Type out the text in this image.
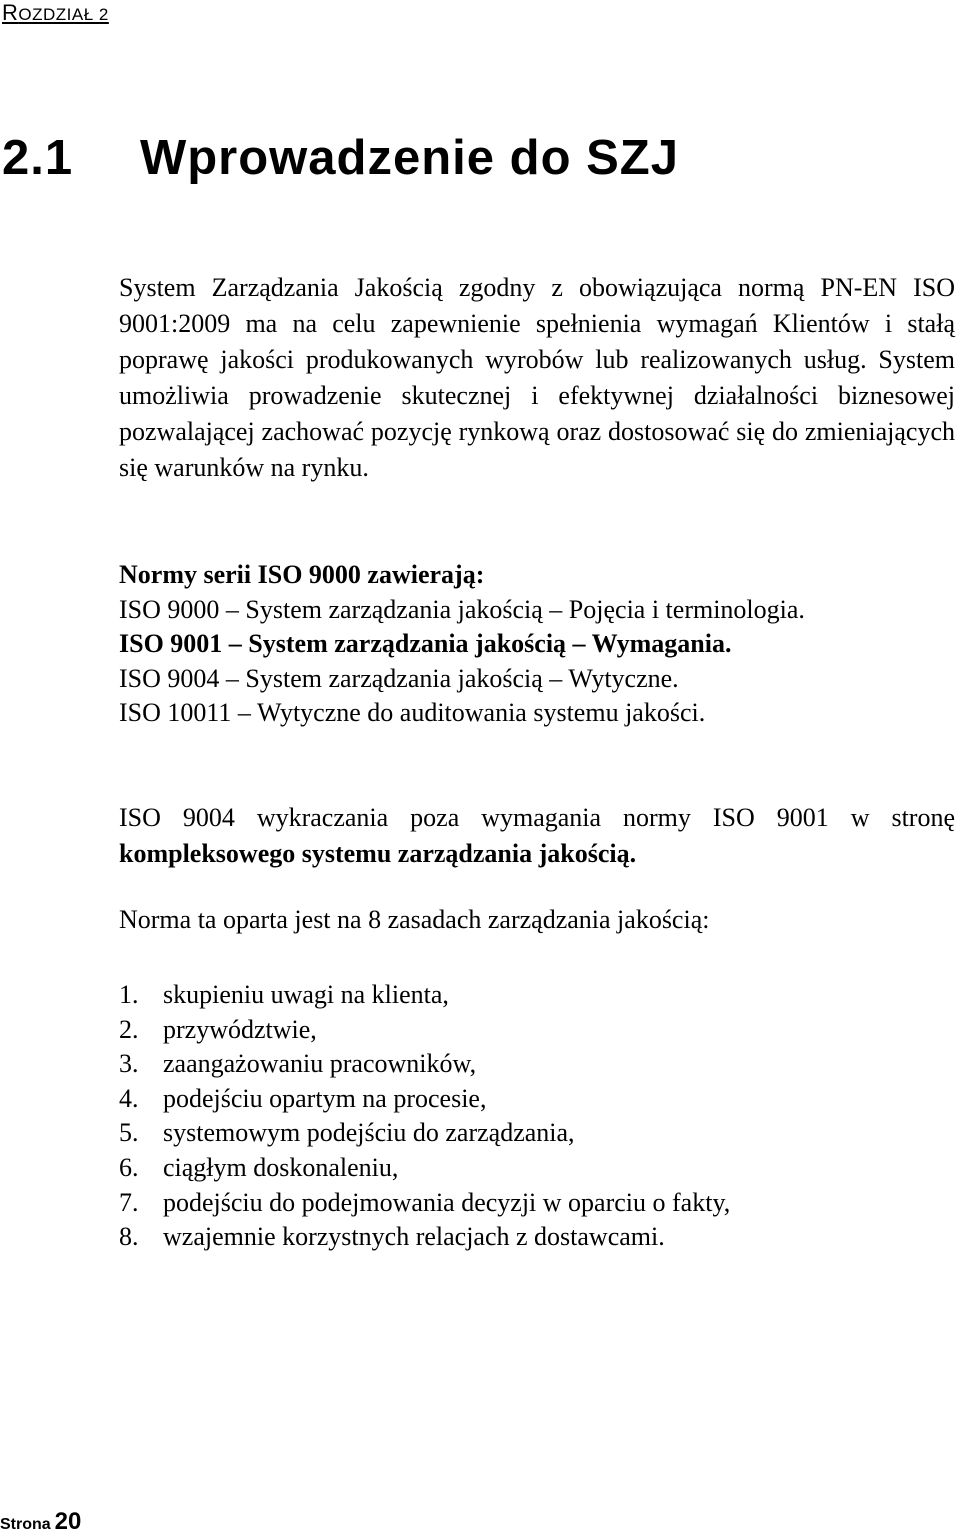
ROZDZIAŁ 2
2.1 Wprowadzenie do SZJ

System Zarządzania Jakością zgodny z obowiązująca normą PN-EN ISO 9001:2009 ma na celu zapewnienie spełnienia wymagań Klientów i stałą poprawę jakości produkowanych wyrobów lub realizowanych usług. System umożliwia prowadzenie skutecznej i efektywnej działalności biznesowej pozwalającej zachować pozycję rynkową oraz dostosować się do zmieniających się warunków na rynku.

Normy serii ISO 9000 zawierają:
ISO 9000 – System zarządzania jakością – Pojęcia i terminologia.
ISO 9001 – System zarządzania jakością – Wymagania.
ISO 9004 – System zarządzania jakością – Wytyczne.
ISO 10011 – Wytyczne do auditowania systemu jakości.

ISO 9004 wykraczania poza wymagania normy ISO 9001 w stronę kompleksowego systemu zarządzania jakością.

Norma ta oparta jest na 8 zasadach zarządzania jakością:

1. skupieniu uwagi na klienta,
2. przywództwie,
3. zaangażowaniu pracowników,
4. podejściu opartym na procesie,
5. systemowym podejściu do zarządzania,
6. ciągłym doskonaleniu,
7. podejściu do podejmowania decyzji w oparciu o fakty,
8. wzajemnie korzystnych relacjach z dostawcami.
Strona 20
